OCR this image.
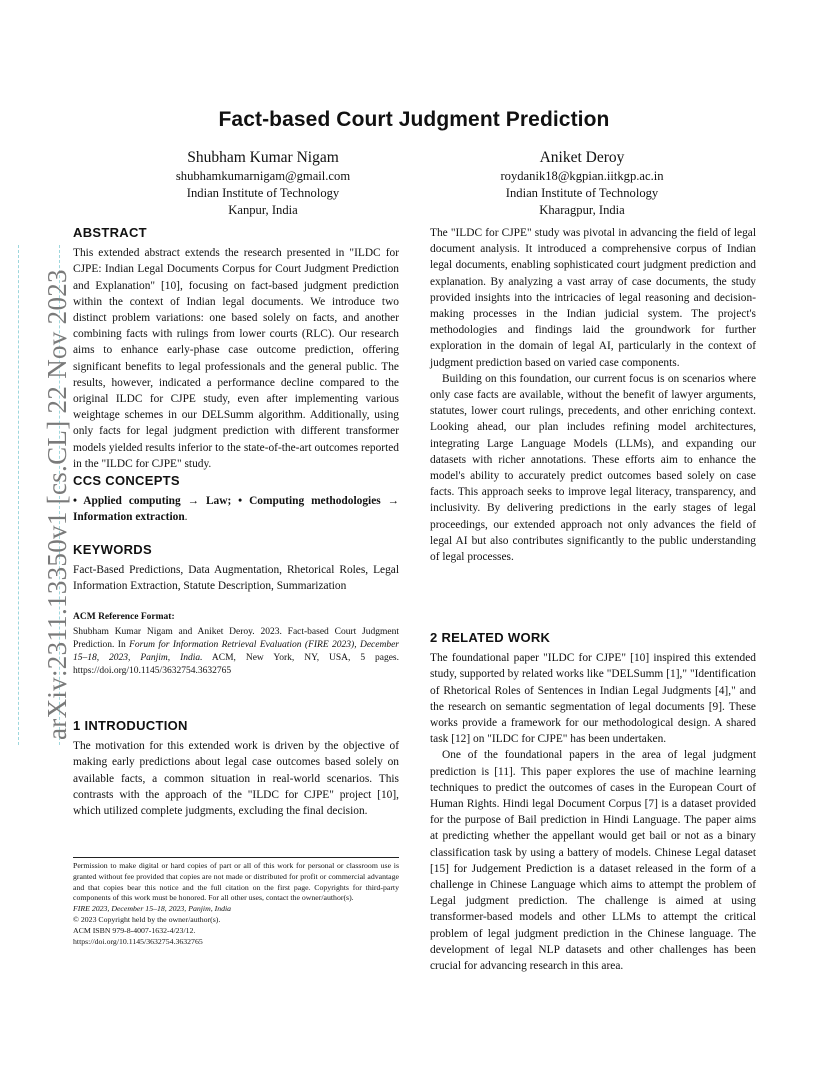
Fact-based Court Judgment Prediction
Shubham Kumar Nigam
shubhamkumarnigam@gmail.com
Indian Institute of Technology
Kanpur, India
Aniket Deroy
roydanik18@kgpian.iitkgp.ac.in
Indian Institute of Technology
Kharagpur, India
arXiv:2311.13350v1 [cs.CL] 22 Nov 2023
ABSTRACT

This extended abstract extends the research presented in "ILDC for CJPE: Indian Legal Documents Corpus for Court Judgment Prediction and Explanation" [10], focusing on fact-based judgment prediction within the context of Indian legal documents. We introduce two distinct problem variations: one based solely on facts, and another combining facts with rulings from lower courts (RLC). Our research aims to enhance early-phase case outcome prediction, offering significant benefits to legal professionals and the general public. The results, however, indicated a performance decline compared to the original ILDC for CJPE study, even after implementing various weightage schemes in our DELSumm algorithm. Additionally, using only facts for legal judgment prediction with different transformer models yielded results inferior to the state-of-the-art outcomes reported in the "ILDC for CJPE" study.

CCS CONCEPTS

• Applied computing → Law; • Computing methodologies → Information extraction.

KEYWORDS

Fact-Based Predictions, Data Augmentation, Rhetorical Roles, Legal Information Extraction, Statute Description, Summarization

ACM Reference Format:

Shubham Kumar Nigam and Aniket Deroy. 2023. Fact-based Court Judgment Prediction. In Forum for Information Retrieval Evaluation (FIRE 2023), December 15–18, 2023, Panjim, India. ACM, New York, NY, USA, 5 pages. https://doi.org/10.1145/3632754.3632765

1 INTRODUCTION

The motivation for this extended work is driven by the objective of making early predictions about legal case outcomes based solely on available facts, a common situation in real-world scenarios. This contrasts with the approach of the "ILDC for CJPE" project [10], which utilized complete judgments, excluding the final decision.

Permission to make digital or hard copies of part or all of this work for personal or classroom use is granted without fee provided that copies are not made or distributed for profit or commercial advantage and that copies bear this notice and the full citation on the first page. Copyrights for third-party components of this work must be honored. For all other uses, contact the owner/author(s).
FIRE 2023, December 15–18, 2023, Panjim, India
© 2023 Copyright held by the owner/author(s).
ACM ISBN 979-8-4007-1632-4/23/12.
https://doi.org/10.1145/3632754.3632765

The "ILDC for CJPE" study was pivotal in advancing the field of legal document analysis. It introduced a comprehensive corpus of Indian legal documents, enabling sophisticated court judgment prediction and explanation. By analyzing a vast array of case documents, the study provided insights into the intricacies of legal reasoning and decision-making processes in the Indian judicial system. The project's methodologies and findings laid the groundwork for further exploration in the domain of legal AI, particularly in the context of judgment prediction based on varied case components.

Building on this foundation, our current focus is on scenarios where only case facts are available, without the benefit of lawyer arguments, statutes, lower court rulings, precedents, and other enriching context. Looking ahead, our plan includes refining model architectures, integrating Large Language Models (LLMs), and expanding our datasets with richer annotations. These efforts aim to enhance the model's ability to accurately predict outcomes based solely on case facts. This approach seeks to improve legal literacy, transparency, and inclusivity. By delivering predictions in the early stages of legal proceedings, our extended approach not only advances the field of legal AI but also contributes significantly to the public understanding of legal processes.

2 RELATED WORK

The foundational paper "ILDC for CJPE" [10] inspired this extended study, supported by related works like "DELSumm [1]," "Identification of Rhetorical Roles of Sentences in Indian Legal Judgments [4]," and the research on semantic segmentation of legal documents [9]. These works provide a framework for our methodological design. A shared task [12] on "ILDC for CJPE" has been undertaken.

One of the foundational papers in the area of legal judgment prediction is [11]. This paper explores the use of machine learning techniques to predict the outcomes of cases in the European Court of Human Rights. Hindi legal Document Corpus [7] is a dataset provided for the purpose of Bail prediction in Hindi Language. The paper aims at predicting whether the appellant would get bail or not as a binary classification task by using a battery of models. Chinese Legal dataset [15] for Judgement Prediction is a dataset released in the form of a challenge in Chinese Language which aims to attempt the problem of Legal judgment prediction. The challenge is aimed at using transformer-based models and other LLMs to attempt the critical problem of legal judgment prediction in the Chinese language. The development of legal NLP datasets and other challenges has been crucial for advancing research in this area.
